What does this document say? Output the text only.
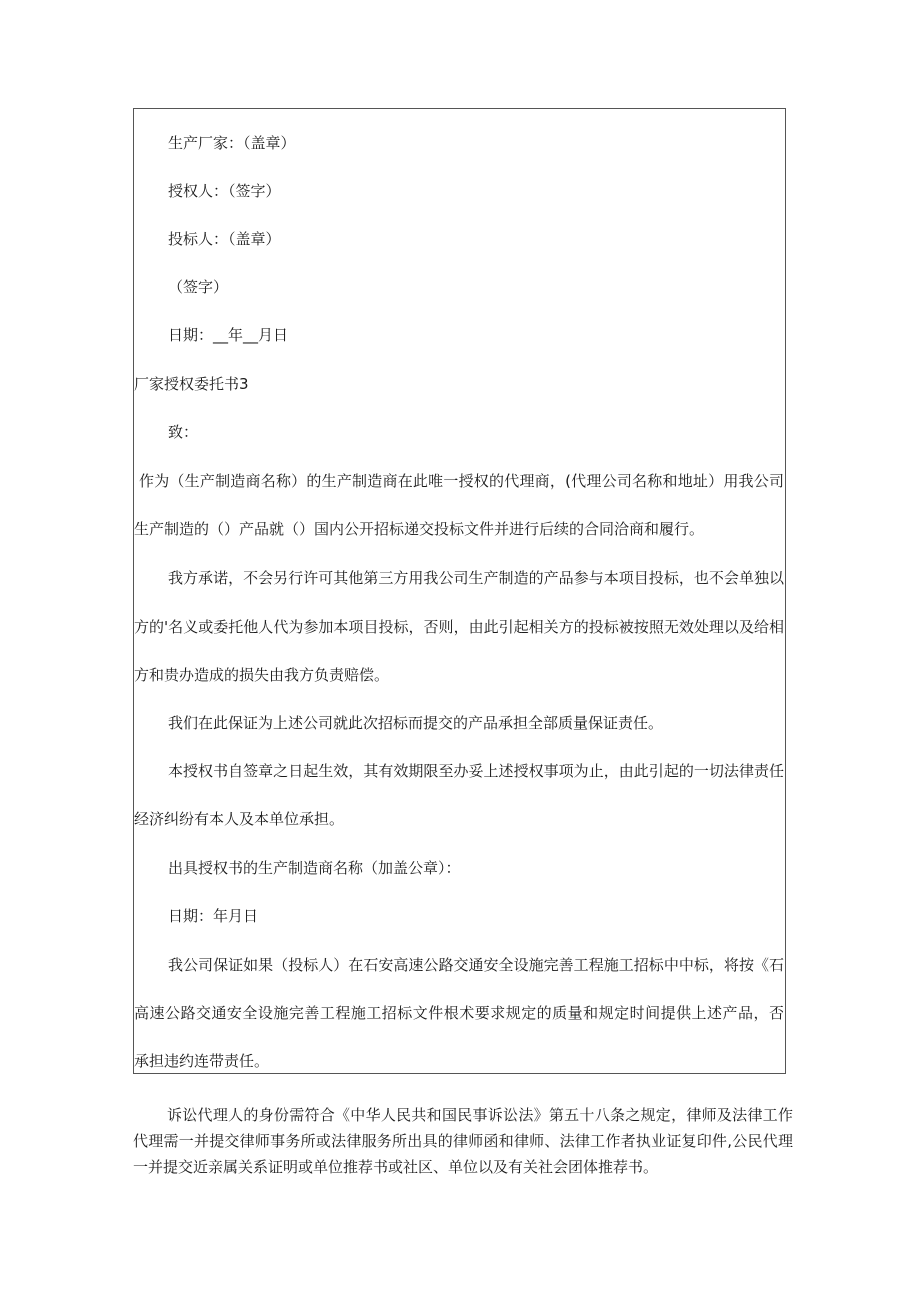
生产厂家：（盖章）
授权人：（签字）
投标人：（盖章）
（签字）
日期：__年__月日
厂家授权委托书3
致：
作为（生产制造商名称）的生产制造商在此唯一授权的代理商，(代理公司名称和地址）用我公司
生产制造的（）产品就（）国内公开招标递交投标文件并进行后续的合同洽商和履行。
我方承诺，不会另行许可其他第三方用我公司生产制造的产品参与本项目投标，也不会单独以
方的'名义或委托他人代为参加本项目投标，否则，由此引起相关方的投标被按照无效处理以及给相
方和贵办造成的损失由我方负责赔偿。
我们在此保证为上述公司就此次招标而提交的产品承担全部质量保证责任。
本授权书自签章之日起生效，其有效期限至办妥上述授权事项为止，由此引起的一切法律责任
经济纠纷有本人及本单位承担。
出具授权书的生产制造商名称（加盖公章）：
日期：年月日
我公司保证如果（投标人）在石安高速公路交通安全设施完善工程施工招标中中标，将按《石
高速公路交通安全设施完善工程施工招标文件根术要求规定的质量和规定时间提供上述产品，否
承担违约连带责任。
诉讼代理人的身份需符合《中华人民共和国民事诉讼法》第五十八条之规定，律师及法律工作
代理需一并提交律师事务所或法律服务所出具的律师函和律师、法律工作者执业证复印件,公民代理
一并提交近亲属关系证明或单位推荐书或社区、单位以及有关社会团体推荐书。
